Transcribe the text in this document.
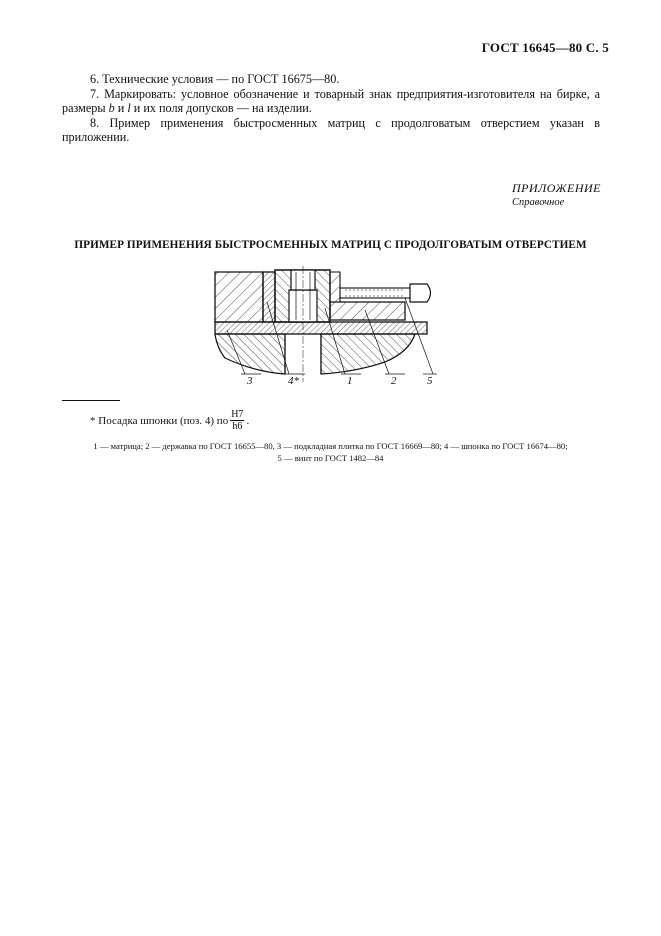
ГОСТ 16645—80 С. 5

6. Технические условия — по ГОСТ 16675—80.

7. Маркировать: условное обозначение и товарный знак предприятия-изготовителя на бирке, а размеры b и l и их поля допусков — на изделии.

8. Пример применения быстросменных матриц с продолговатым отверстием указан в приложении.

ПРИЛОЖЕНИЕ
Справочное
ПРИМЕР ПРИМЕНЕНИЯ БЫСТРОСМЕННЫХ МАТРИЦ С ПРОДОЛГОВАТЫМ ОТВЕРСТИЕМ
3	4*	1	2	5
* Посадка шпонки (поз. 4) по $\frac{H7}{h6}$ .
1 — матрица; 2 — державка по ГОСТ 16655—80, 3 — подкладная плитка по ГОСТ 16669—80; 4 — шпонка по ГОСТ 16674—80;
5 — винт по ГОСТ 1482—84
